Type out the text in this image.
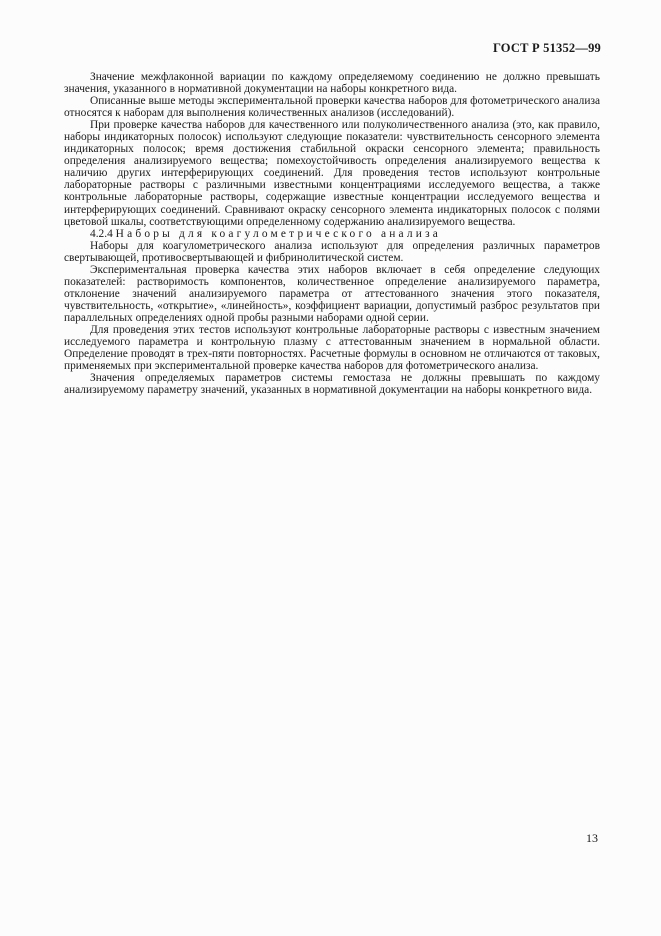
ГОСТ Р 51352—99

Значение межфлаконной вариации по каждому определяемому соединению не должно превышать значения, указанного в нормативной документации на наборы конкретного вида.

Описанные выше методы экспериментальной проверки качества наборов для фотометрического анализа относятся к наборам для выполнения количественных анализов (исследований).

При проверке качества наборов для качественного или полуколичественного анализа (это, как правило, наборы индикаторных полосок) используют следующие показатели: чувствительность сенсорного элемента индикаторных полосок; время достижения стабильной окраски сенсорного элемента; правильность определения анализируемого вещества; помехоустойчивость определения анализируемого вещества к наличию других интерферирующих соединений. Для проведения тестов используют контрольные лабораторные растворы с различными известными концентрациями исследуемого вещества, а также контрольные лабораторные растворы, содержащие известные концентрации исследуемого вещества и интерферирующих соединений. Сравнивают окраску сенсорного элемента индикаторных полосок с полями цветовой шкалы, соответствующими определенному содержанию анализируемого вещества.

4.2.4 Наборы для коагулометрического анализа

Наборы для коагулометрического анализа используют для определения различных параметров свертывающей, противосвертывающей и фибринолитической систем.

Экспериментальная проверка качества этих наборов включает в себя определение следующих показателей: растворимость компонентов, количественное определение анализируемого параметра, отклонение значений анализируемого параметра от аттестованного значения этого показателя, чувствительность, «открытие», «линейность», коэффициент вариации, допустимый разброс результатов при параллельных определениях одной пробы разными наборами одной серии.

Для проведения этих тестов используют контрольные лабораторные растворы с известным значением исследуемого параметра и контрольную плазму с аттестованным значением в нормальной области. Определение проводят в трех-пяти повторностях. Расчетные формулы в основном не отличаются от таковых, применяемых при экспериментальной проверке качества наборов для фотометрического анализа.

Значения определяемых параметров системы гемостаза не должны превышать по каждому анализируемому параметру значений, указанных в нормативной документации на наборы конкретного вида.

13
